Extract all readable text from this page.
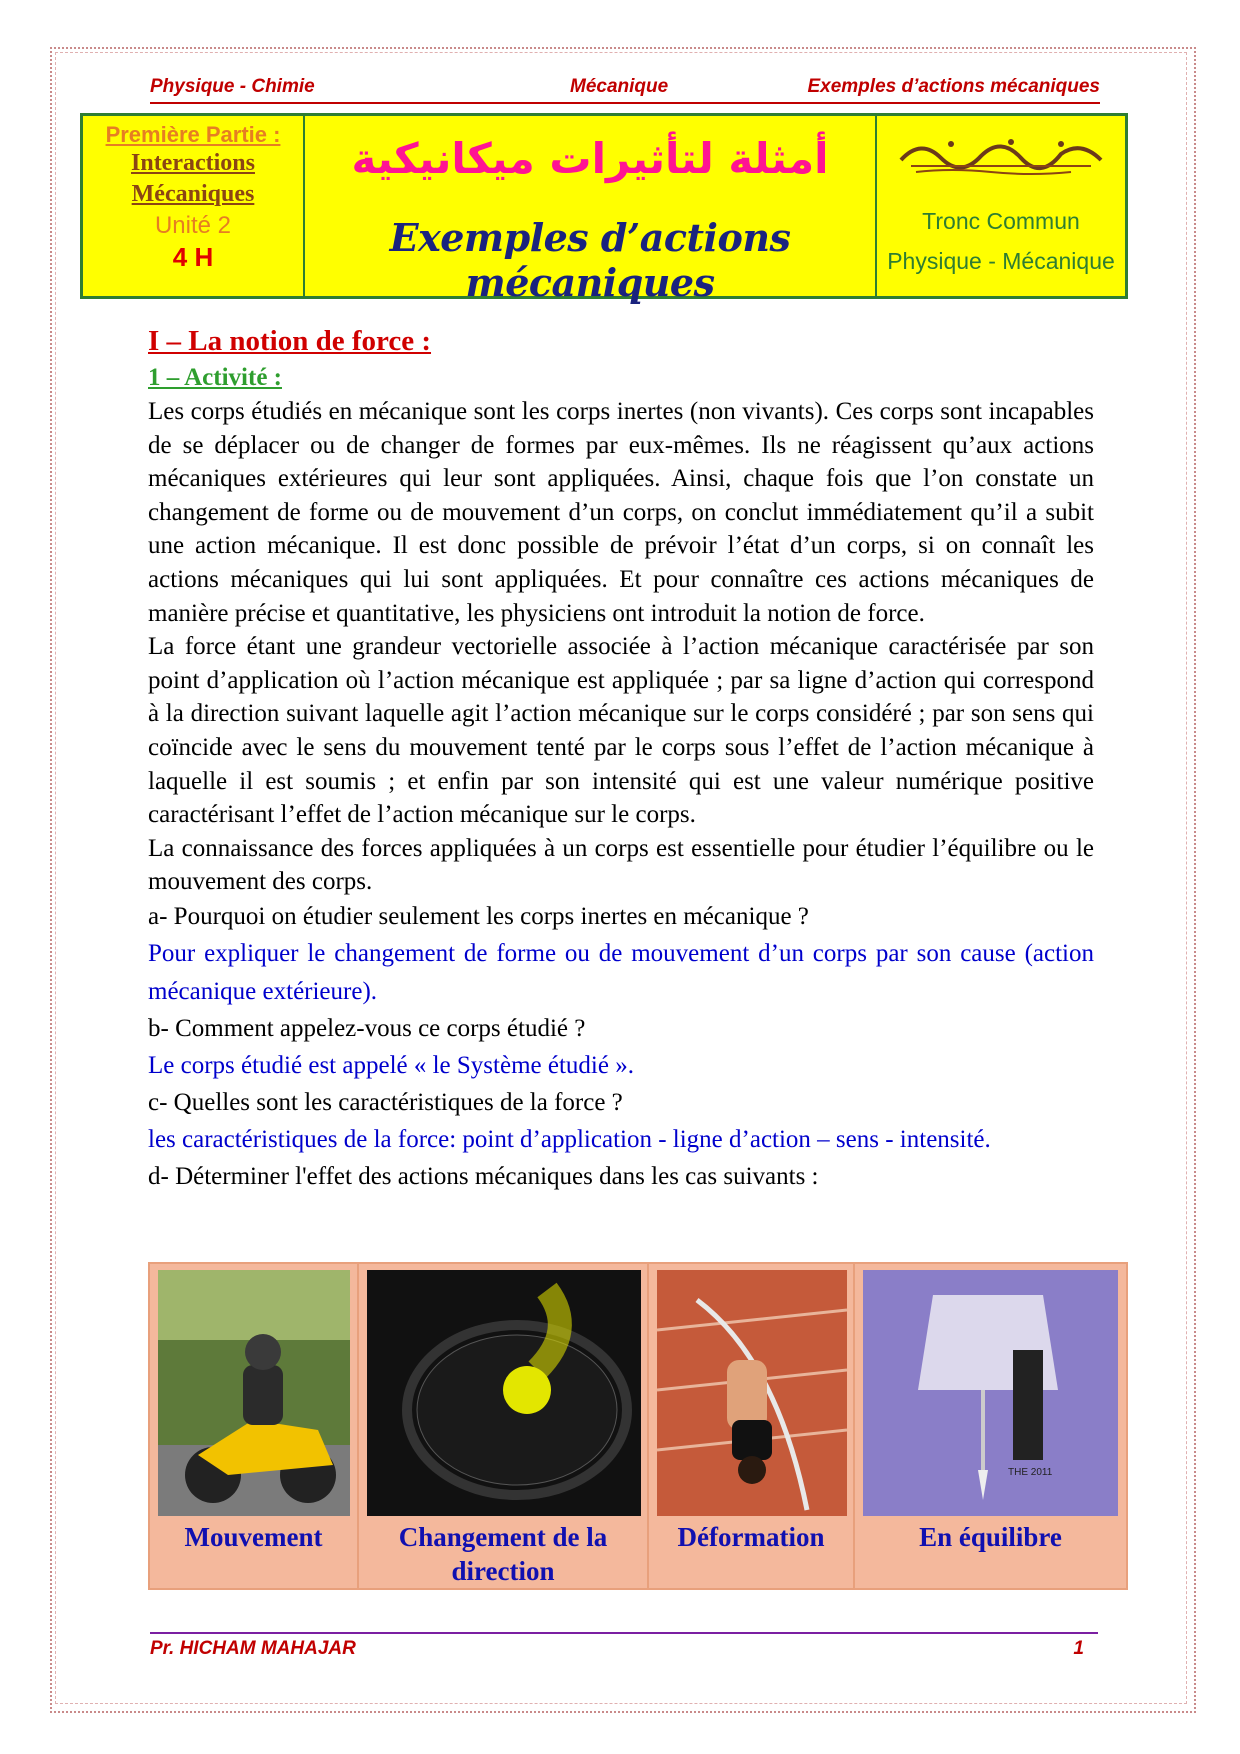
Physique - Chimie	Mécanique	Exemples d’actions mécaniques
Première Partie :
Interactions
Mécaniques
Unité 2
4 H
أمثلة لتأثيرات ميكانيكية
Exemples d’actions mécaniques
Tronc Commun
Physique - Mécanique
I – La notion de force :
1 – Activité :

Les corps étudiés en mécanique sont les corps inertes (non vivants). Ces corps sont incapables de se déplacer ou de changer de formes par eux-mêmes. Ils ne réagissent qu’aux actions mécaniques extérieures qui leur sont appliquées. Ainsi, chaque fois que l’on constate un changement de forme ou de mouvement d’un corps, on conclut immédiatement qu’il a subit une action mécanique. Il est donc possible de prévoir l’état d’un corps, si on connaît les actions mécaniques qui lui sont appliquées. Et pour connaître ces actions mécaniques de manière précise et quantitative, les physiciens ont introduit la notion de force.

La force étant une grandeur vectorielle associée à l’action mécanique caractérisée par son point d’application où l’action mécanique est appliquée ; par sa ligne d’action qui correspond à la direction suivant laquelle agit l’action mécanique sur le corps considéré ; par son sens qui coïncide avec le sens du mouvement tenté par le corps sous l’effet de l’action mécanique à laquelle il est soumis ; et enfin par son intensité qui est une valeur numérique positive caractérisant l’effet de l’action mécanique sur le corps.

La connaissance des forces appliquées à un corps est essentielle pour étudier l’équilibre ou le mouvement des corps.

a- Pourquoi on étudier seulement les corps inertes en mécanique ?

Pour expliquer le changement de forme ou de mouvement d’un corps par son cause (action mécanique extérieure).

b- Comment appelez-vous ce corps étudié ?

Le corps étudié est appelé « le Système étudié ».

c- Quelles sont les caractéristiques de la force ?

les caractéristiques de la force: point d’application - ligne d’action – sens - intensité.

d- Déterminer l'effet des actions mécaniques dans les cas suivants :

Mouvement	Changement de la direction
Déformation
THE 2011
En équilibre
Pr. HICHAM MAHAJAR	1
